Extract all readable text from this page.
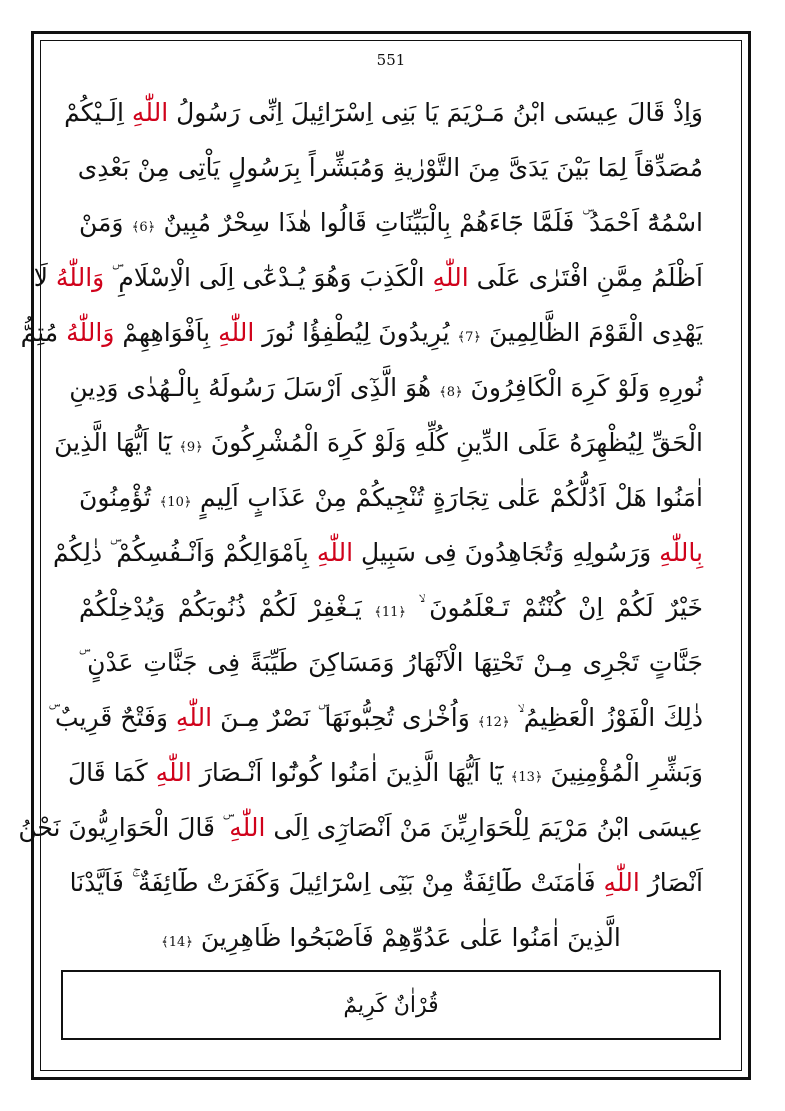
551
وَاِذْ قَالَ عِيسَى ابْنُ مَـرْيَمَ يَا بَنِى اِسْرَٓائِيلَ اِنِّى رَسُولُ اللّٰهِ اِلَـيْكُمْ
مُصَدِّقاً لِمَا بَيْنَ يَدَىَّ مِنَ التَّوْرٰيةِ وَمُبَشِّراً بِرَسُولٍ يَاْتِى مِنْ بَعْدِى
اسْمُهُٓ اَحْمَدُ ۜ فَلَمَّا جَٓاءَهُمْ بِالْبَيِّنَاتِ قَالُوا هٰذَا سِحْرٌ مُبِينٌ ﴿6﴾ وَمَنْ
اَظْلَمُ مِمَّنِ افْتَرٰى عَلَى اللّٰهِ الْكَذِبَ وَهُوَ يُـدْعٰٓى اِلَى الْاِسْلَامِ ۜ وَاللّٰهُ لَا
يَهْدِى الْقَوْمَ الظَّالِمِينَ ﴿7﴾ يُرِيدُونَ لِيُطْفِؤُا نُورَ اللّٰهِ بِاَفْوَاهِهِمْ وَاللّٰهُ مُتِمُّ
نُورِهِ وَلَوْ كَرِهَ الْكَافِرُونَ ﴿8﴾ هُوَ الَّذِٓى اَرْسَلَ رَسُولَهُ بِالْـهُدٰى وَدِينِ
الْحَقِّ لِيُظْهِرَهُ عَلَى الدِّينِ كُلِّهِ وَلَوْ كَرِهَ الْمُشْرِكُونَ ﴿9﴾ يَٓا اَيُّهَا الَّذِينَ
اٰمَنُوا هَلْ اَدُلُّكُمْ عَلٰى تِجَارَةٍ تُنْجِيكُمْ مِنْ عَذَابٍ اَلِيمٍ ﴿10﴾ تُؤْمِنُونَ
بِاللّٰهِ وَرَسُولِهِ وَتُجَاهِدُونَ فِى سَبِيلِ اللّٰهِ بِاَمْوَالِكُمْ وَاَنْـفُسِكُمْ ۜ ذٰلِكُمْ
خَيْرٌ لَكُمْ اِنْ كُنْتُمْ تَـعْلَمُونَ ۙ ﴿11﴾ يَـغْفِرْ لَكُمْ ذُنُوبَكُمْ وَيُدْخِلْكُمْ
جَنَّاتٍ تَجْرِى مِـنْ تَحْتِهَا الْاَنْهَارُ وَمَسَاكِنَ طَيِّبَةً فِى جَنَّاتِ عَدْنٍ ۜ
ذٰلِكَ الْفَوْزُ الْعَظِيمُ ۙ ﴿12﴾ وَاُخْرٰى تُحِبُّونَهَا ۜ نَصْرٌ مِـنَ اللّٰهِ وَفَتْحٌ قَرِيبٌ ۜ
وَبَشِّرِ الْمُؤْمِنِينَ ﴿13﴾ يَٓا اَيُّهَا الَّذِينَ اٰمَنُوا كُونُٓوا اَنْـصَارَ اللّٰهِ كَمَا قَالَ
عِيسَى ابْنُ مَرْيَمَ لِلْحَوَارِيِّنَ مَنْ اَنْصَارِٓى اِلَى اللّٰهِ ۜ قَالَ الْحَوَارِيُّونَ نَحْنُ
اَنْصَارُ اللّٰهِ فَاٰمَنَتْ طَٓائِفَةٌ مِنْ بَنِٓى اِسْرَٓائِيلَ وَكَفَرَتْ طَٓائِفَةٌ ۚ فَاَيَّدْنَا
الَّذِينَ اٰمَنُوا عَلٰى عَدُوِّهِمْ فَاَصْبَحُوا ظَاهِرِينَ ﴿14﴾
قُرْاٰنٌ كَرِيمٌ
